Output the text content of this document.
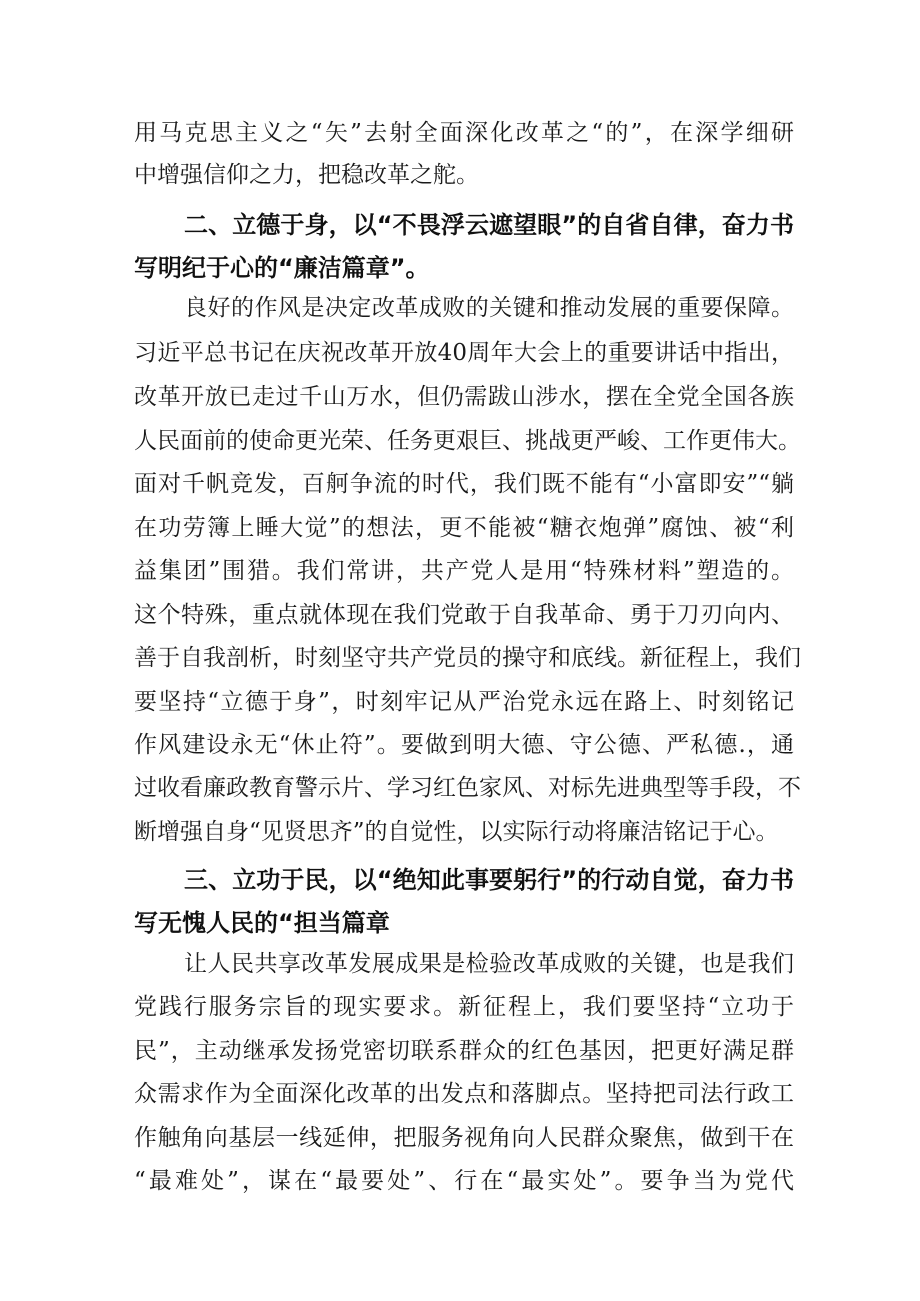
用马克思主义之“矢”去射全面深化改革之“的”，在深学细研
中增强信仰之力，把稳改革之舵。
二、立德于身，以“不畏浮云遮望眼”的自省自律，奋力书
写明纪于心的“廉洁篇章”。
良好的作风是决定改革成败的关键和推动发展的重要保障。
习近平总书记在庆祝改革开放40周年大会上的重要讲话中指出，
改革开放已走过千山万水，但仍需跋山涉水，摆在全党全国各族
人民面前的使命更光荣、任务更艰巨、挑战更严峻、工作更伟大。
面对千帆竞发，百舸争流的时代，我们既不能有“小富即安”“躺
在功劳簿上睡大觉”的想法，更不能被“糖衣炮弹”腐蚀、被“利
益集团”围猎。我们常讲，共产党人是用“特殊材料”塑造的。
这个特殊，重点就体现在我们党敢于自我革命、勇于刀刃向内、
善于自我剖析，时刻坚守共产党员的操守和底线。新征程上，我们
要坚持“立德于身”，时刻牢记从严治党永远在路上、时刻铭记
作风建设永无“休止符”。要做到明大德、守公德、严私德.，通
过收看廉政教育警示片、学习红色家风、对标先进典型等手段，不
断增强自身“见贤思齐”的自觉性，以实际行动将廉洁铭记于心。
三、立功于民，以“绝知此事要躬行”的行动自觉，奋力书
写无愧人民的“担当篇章
让人民共享改革发展成果是检验改革成败的关键，也是我们
党践行服务宗旨的现实要求。新征程上，我们要坚持“立功于
民”，主动继承发扬党密切联系群众的红色基因，把更好满足群
众需求作为全面深化改革的出发点和落脚点。坚持把司法行政工
作触角向基层一线延伸，把服务视角向人民群众聚焦，做到干在
“最难处”，谋在“最要处”、行在“最实处”。要争当为党代
